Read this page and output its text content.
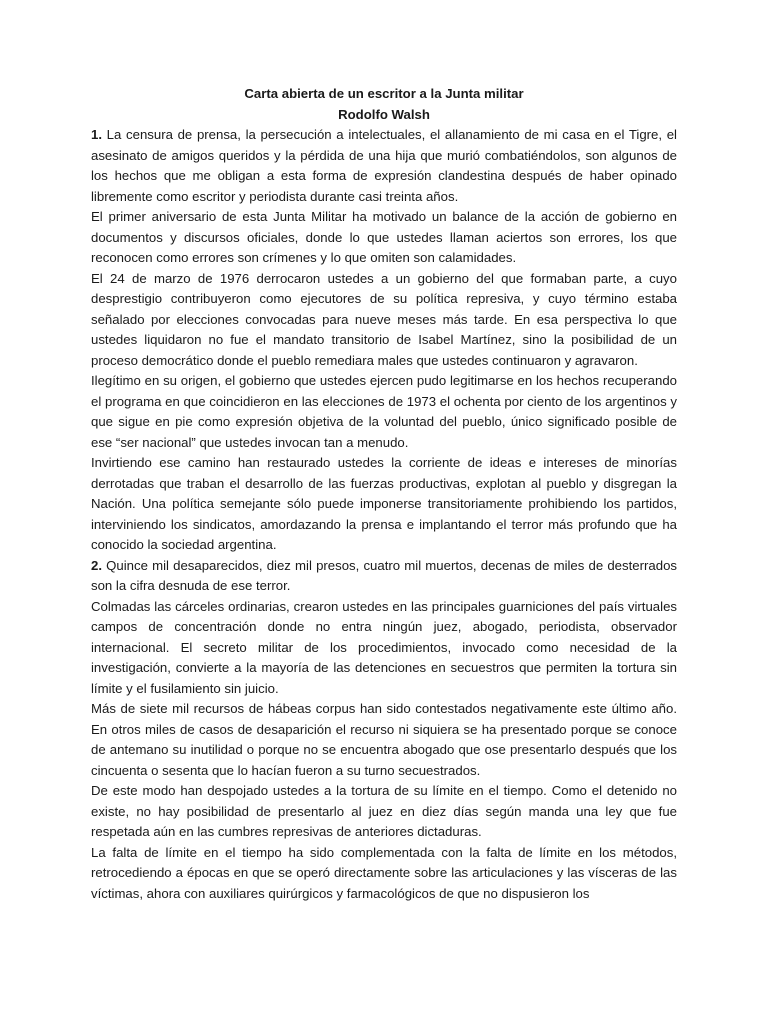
Carta abierta de un escritor a la Junta militar

Rodolfo Walsh

1. La censura de prensa, la persecución a intelectuales, el allanamiento de mi casa en el Tigre, el asesinato de amigos queridos y la pérdida de una hija que murió combatiéndolos, son algunos de los hechos que me obligan a esta forma de expresión clandestina después de haber opinado libremente como escritor y periodista durante casi treinta años.

El primer aniversario de esta Junta Militar ha motivado un balance de la acción de gobierno en documentos y discursos oficiales, donde lo que ustedes llaman aciertos son errores, los que reconocen como errores son crímenes y lo que omiten son calamidades.

El 24 de marzo de 1976 derrocaron ustedes a un gobierno del que formaban parte, a cuyo desprestigio contribuyeron como ejecutores de su política represiva, y cuyo término estaba señalado por elecciones convocadas para nueve meses más tarde. En esa perspectiva lo que ustedes liquidaron no fue el mandato transitorio de Isabel Martínez, sino la posibilidad de un proceso democrático donde el pueblo remediara males que ustedes continuaron y agravaron.

Ilegítimo en su origen, el gobierno que ustedes ejercen pudo legitimarse en los hechos recuperando el programa en que coincidieron en las elecciones de 1973 el ochenta por ciento de los argentinos y que sigue en pie como expresión objetiva de la voluntad del pueblo, único significado posible de ese “ser nacional” que ustedes invocan tan a menudo.

Invirtiendo ese camino han restaurado ustedes la corriente de ideas e intereses de minorías derrotadas que traban el desarrollo de las fuerzas productivas, explotan al pueblo y disgregan la Nación. Una política semejante sólo puede imponerse transitoriamente prohibiendo los partidos, interviniendo los sindicatos, amordazando la prensa e implantando el terror más profundo que ha conocido la sociedad argentina.

2. Quince mil desaparecidos, diez mil presos, cuatro mil muertos, decenas de miles de desterrados son la cifra desnuda de ese terror.

Colmadas las cárceles ordinarias, crearon ustedes en las principales guarniciones del país virtuales campos de concentración donde no entra ningún juez, abogado, periodista, observador internacional. El secreto militar de los procedimientos, invocado como necesidad de la investigación, convierte a la mayoría de las detenciones en secuestros que permiten la tortura sin límite y el fusilamiento sin juicio.

Más de siete mil recursos de hábeas corpus han sido contestados negativamente este último año. En otros miles de casos de desaparición el recurso ni siquiera se ha presentado porque se conoce de antemano su inutilidad o porque no se encuentra abogado que ose presentarlo después que los cincuenta o sesenta que lo hacían fueron a su turno secuestrados.

De este modo han despojado ustedes a la tortura de su límite en el tiempo. Como el detenido no existe, no hay posibilidad de presentarlo al juez en diez días según manda una ley que fue respetada aún en las cumbres represivas de anteriores dictaduras.

La falta de límite en el tiempo ha sido complementada con la falta de límite en los métodos, retrocediendo a épocas en que se operó directamente sobre las articulaciones y las vísceras de las víctimas, ahora con auxiliares quirúrgicos y farmacológicos de que no dispusieron los
